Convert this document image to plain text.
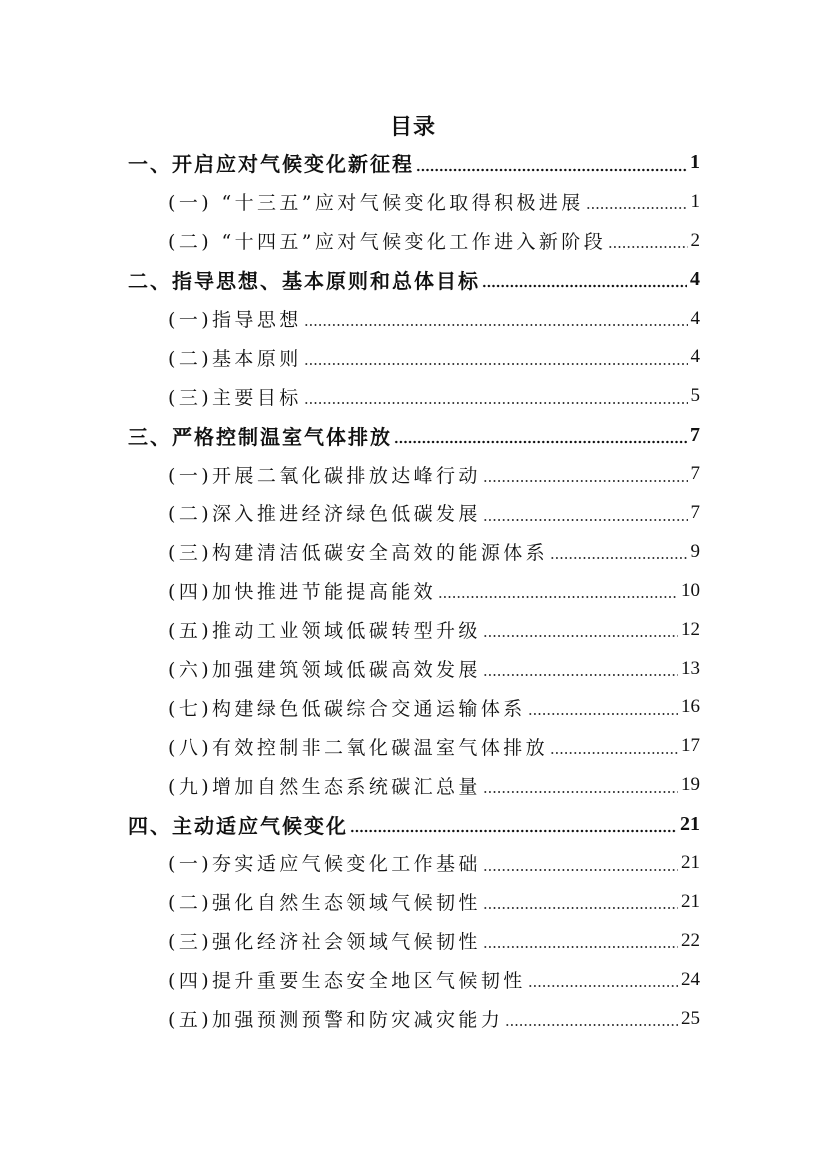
目录
一、开启应对气候变化新征程	1
(一) “十三五”应对气候变化取得积极进展	1
(二) “十四五”应对气候变化工作进入新阶段	2
二、指导思想、基本原则和总体目标	4
(一)指导思想	4
(二)基本原则	4
(三)主要目标	5
三、严格控制温室气体排放	7
(一)开展二氧化碳排放达峰行动	7
(二)深入推进经济绿色低碳发展	7
(三)构建清洁低碳安全高效的能源体系	9
(四)加快推进节能提高能效	10
(五)推动工业领域低碳转型升级	12
(六)加强建筑领域低碳高效发展	13
(七)构建绿色低碳综合交通运输体系	16
(八)有效控制非二氧化碳温室气体排放	17
(九)增加自然生态系统碳汇总量	19
四、主动适应气候变化	21
(一)夯实适应气候变化工作基础	21
(二)强化自然生态领域气候韧性	21
(三)强化经济社会领域气候韧性	22
(四)提升重要生态安全地区气候韧性	24
(五)加强预测预警和防灾减灾能力	25
